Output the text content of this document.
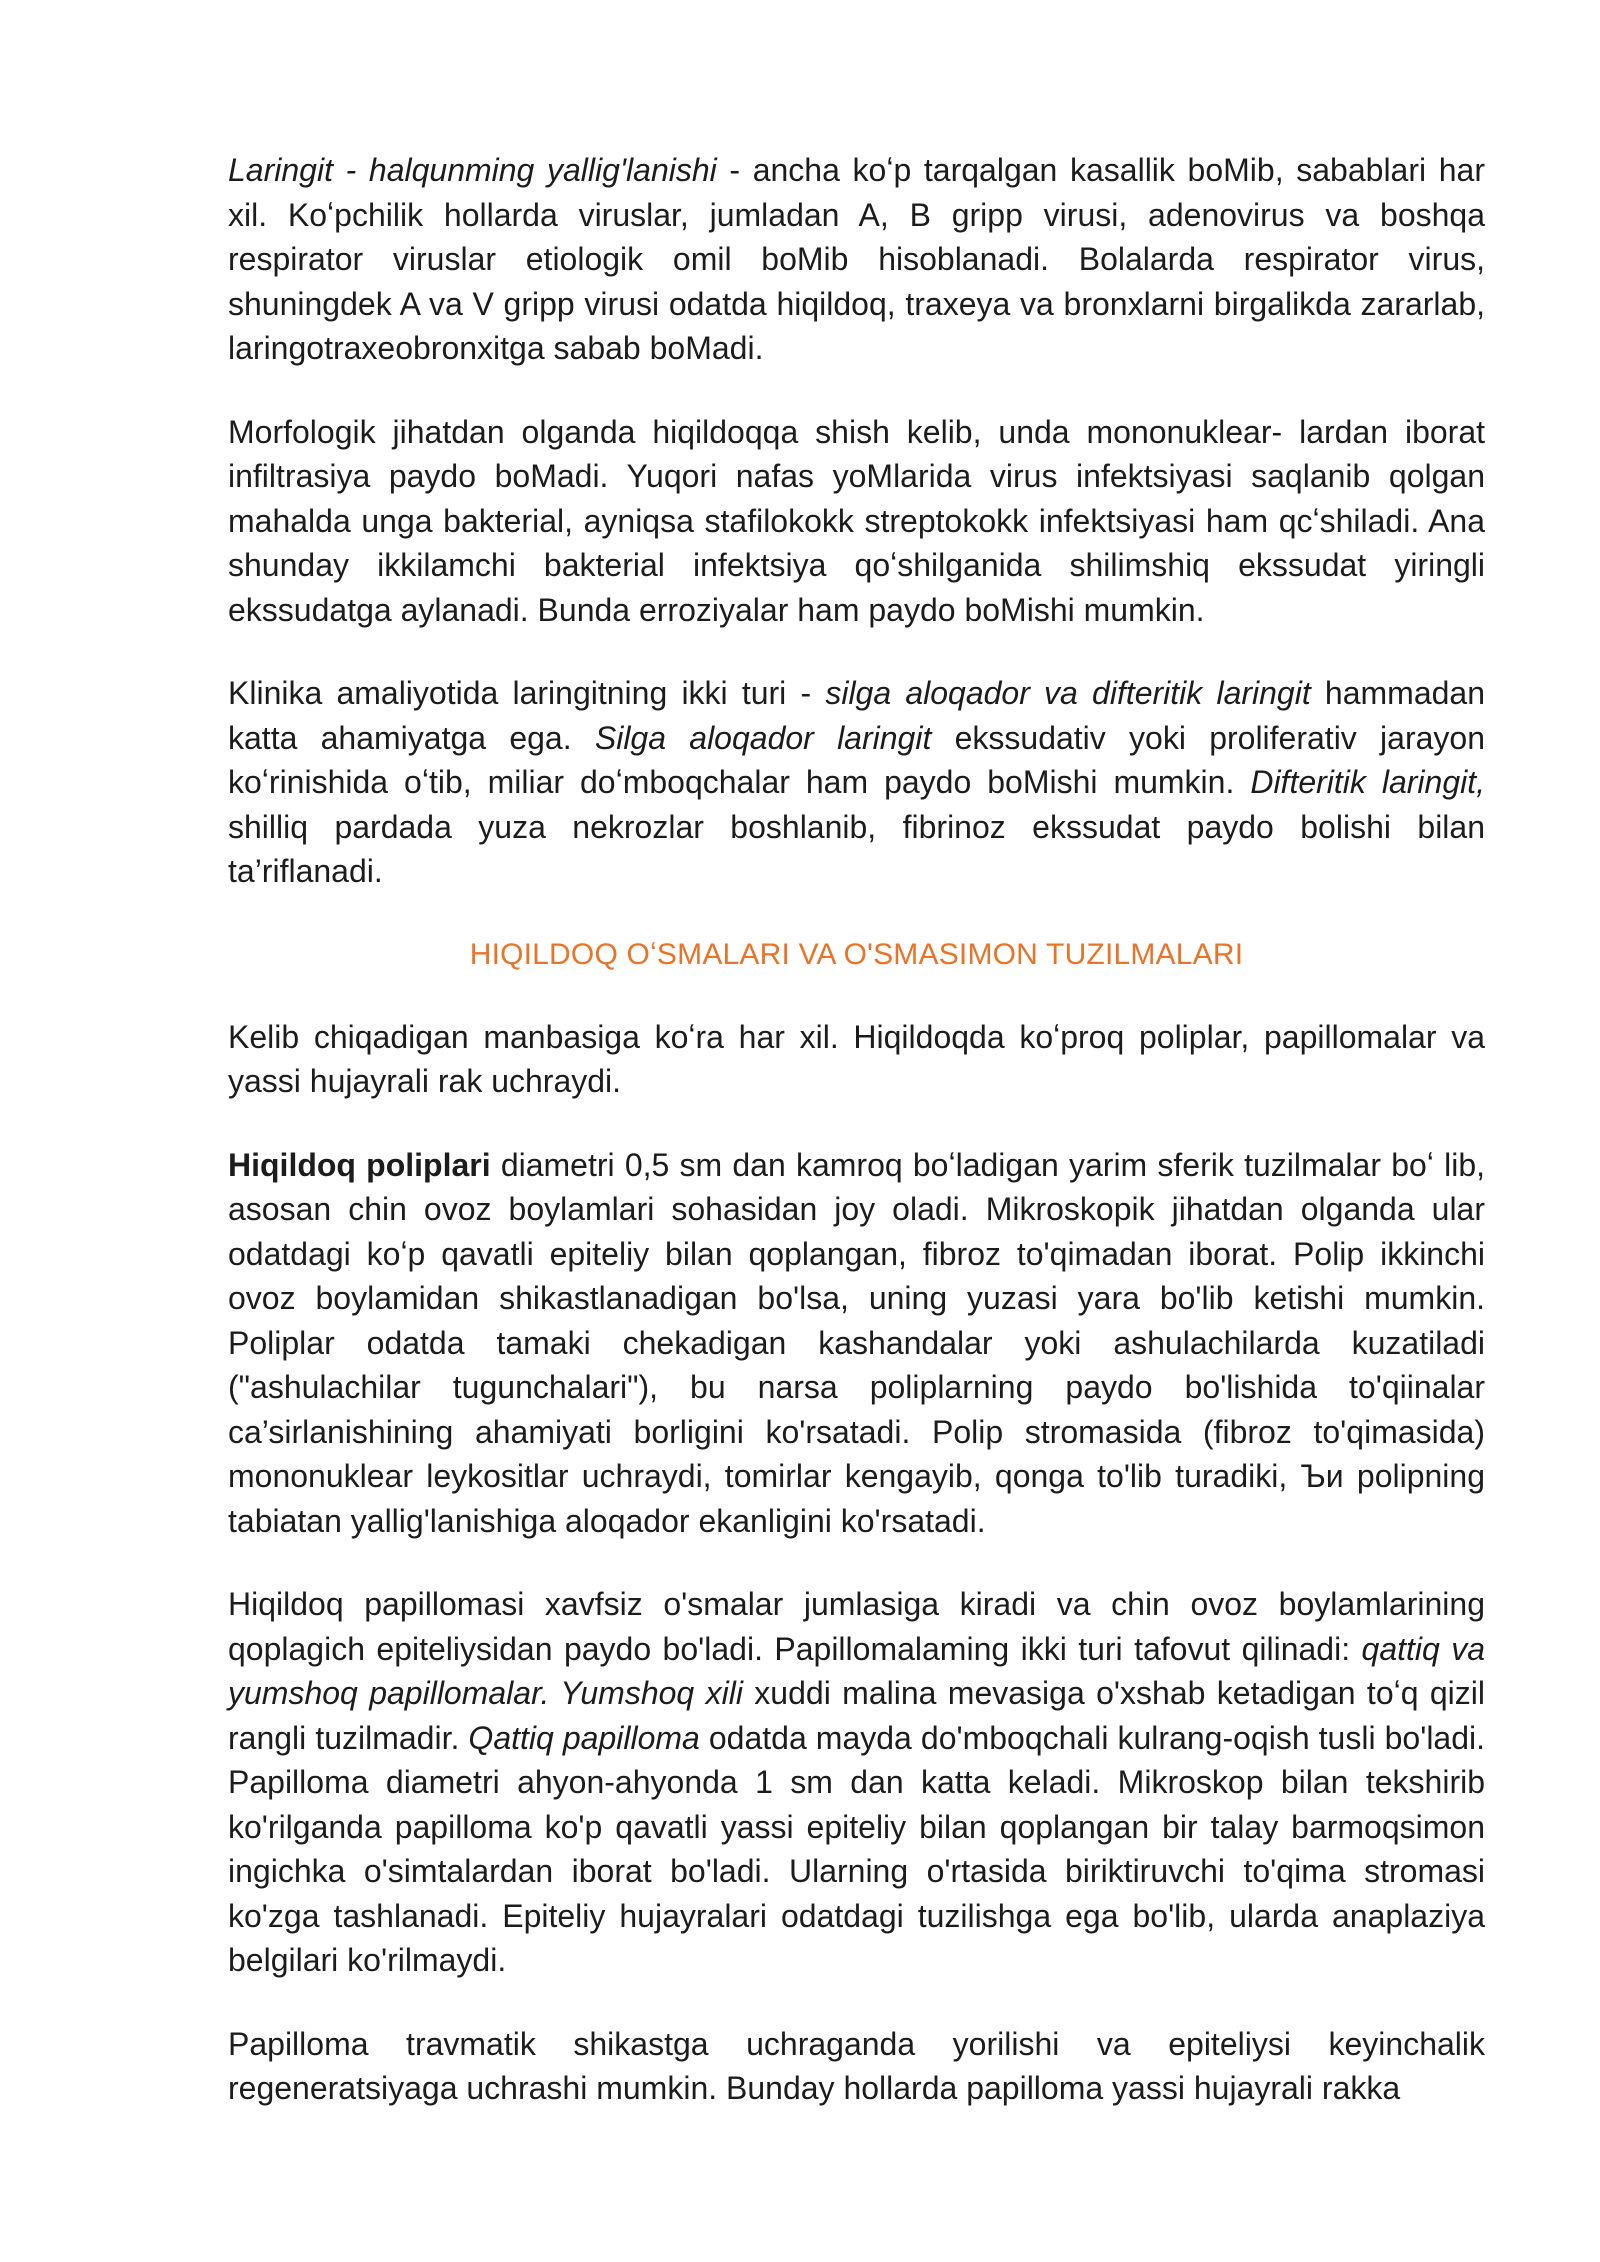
Laringit - halqunming yallig'lanishi - ancha koʻp tarqalgan kasallik boMib, sabablari har xil. Koʻpchilik hollarda viruslar, jumladan A, B gripp virusi, adenovirus va boshqa respirator viruslar etiologik omil boMib hisoblanadi. Bolalarda respirator virus, shuningdek A va V gripp virusi odatda hiqildoq, traxeya va bronxlarni birgalikda zararlab, laringotraxeobronxitga sabab boMadi.

Morfologik jihatdan olganda hiqildoqqa shish kelib, unda mononuklear- lardan iborat infiltrasiya paydo boMadi. Yuqori nafas yoMlarida virus infektsiyasi saqlanib qolgan mahalda unga bakterial, ayniqsa stafilokokk streptokokk infektsiyasi ham qcʻshiladi. Ana shunday ikkilamchi bakterial infektsiya qoʻshilganida shilimshiq ekssudat yiringli ekssudatga aylanadi. Bunda erroziyalar ham paydo boMishi mumkin.

Klinika amaliyotida laringitning ikki turi - silga aloqador va difteritik laringit hammadan katta ahamiyatga ega. Silga aloqador laringit ekssudativ yoki proliferativ jarayon koʻrinishida oʻtib, miliar doʻmboqchalar ham paydo boMishi mumkin. Difteritik laringit, shilliq pardada yuza nekrozlar boshlanib, fibrinoz ekssudat paydo bolishi bilan ta’riflanadi.

HIQILDOQ OʻSMALARI VA O'SMASIMON TUZILMALARI

Kelib chiqadigan manbasiga koʻra har xil. Hiqildoqda koʻproq poliplar, papillomalar va yassi hujayrali rak uchraydi.

Hiqildoq poliplari diametri 0,5 sm dan kamroq boʻladigan yarim sferik tuzilmalar boʻ lib, asosan chin ovoz boylamlari sohasidan joy oladi. Mikroskopik jihatdan olganda ular odatdagi koʻp qavatli epiteliy bilan qoplangan, fibroz to'qimadan iborat. Polip ikkinchi ovoz boylamidan shikastlanadigan bo'lsa, uning yuzasi yara bo'lib ketishi mumkin. Poliplar odatda tamaki chekadigan kashandalar yoki ashulachilarda kuzatiladi ("ashulachilar tugunchalari"), bu narsa poliplarning paydo bo'lishida to'qiinalar ca’sirlanishining ahamiyati borligini ko'rsatadi. Polip stromasida (fibroz to'qimasida) mononuklear leykositlar uchraydi, tomirlar kengayib, qonga to'lib turadiki, Ъи polipning tabiatan yallig'lanishiga aloqador ekanligini ko'rsatadi.

Hiqildoq papillomasi xavfsiz o'smalar jumlasiga kiradi va chin ovoz boylamlarining qoplagich epiteliysidan paydo bo'ladi. Papillomalaming ikki turi tafovut qilinadi: qattiq va yumshoq papillomalar. Yumshoq xili xuddi malina mevasiga o'xshab ketadigan toʻq qizil rangli tuzilmadir. Qattiq papilloma odatda mayda do'mboqchali kulrang-oqish tusli bo'ladi. Papilloma diametri ahyon-ahyonda 1 sm dan katta keladi. Mikroskop bilan tekshirib ko'rilganda papilloma ko'p qavatli yassi epiteliy bilan qoplangan bir talay barmoqsimon ingichka o'simtalardan iborat bo'ladi. Ularning o'rtasida biriktiruvchi to'qima stromasi ko'zga tashlanadi. Epiteliy hujayralari odatdagi tuzilishga ega bo'lib, ularda anaplaziya belgilari ko'rilmaydi.

Papilloma travmatik shikastga uchraganda yorilishi va epiteliysi keyinchalik regeneratsiyaga uchrashi mumkin. Bunday hollarda papilloma yassi hujayrali rakka
